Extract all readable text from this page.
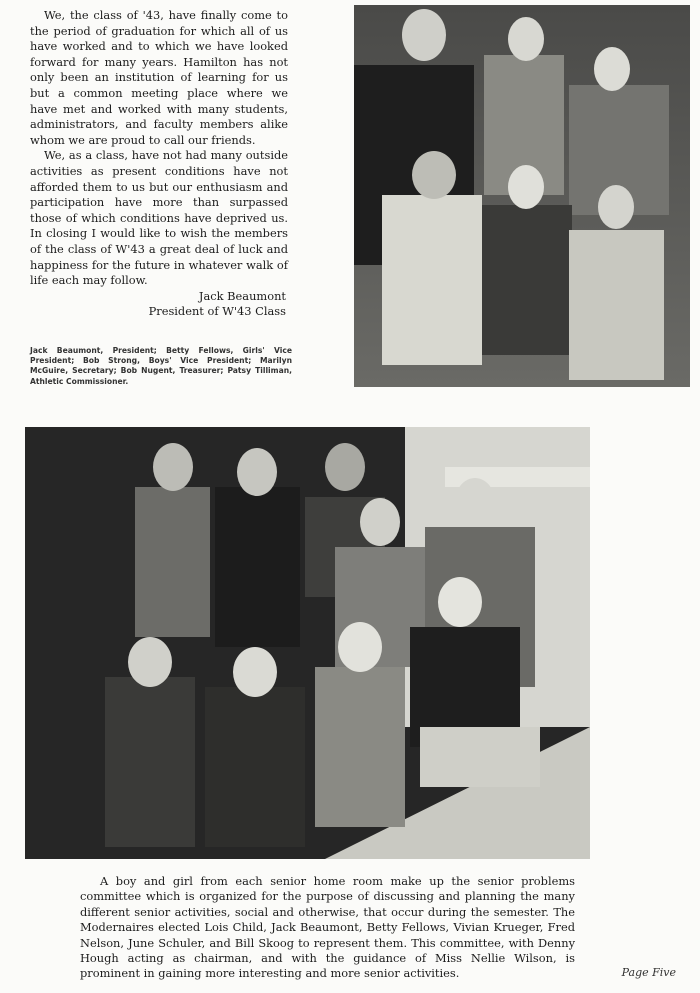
We, the class of '43, have finally come to the period of graduation for which all of us have worked and to which we have looked forward for many years. Hamilton has not only been an institution of learning for us but a common meeting place where we have met and worked with many students, administrators, and faculty members alike whom we are proud to call our friends.

We, as a class, have not had many outside activities as present conditions have not afforded them to us but our enthusiasm and participation have more than surpassed those of which conditions have deprived us. In closing I would like to wish the members of the class of W'43 a great deal of luck and happiness for the future in whatever walk of life each may follow.

Jack Beaumont
President of W'43 Class
Jack Beaumont, President; Betty Fellows, Girls' Vice President; Bob Strong, Boys' Vice President; Marilyn McGuire, Secretary; Bob Nugent, Treasurer; Patsy Tilliman, Athletic Commissioner.
A boy and girl from each senior home room make up the senior problems committee which is organized for the purpose of discussing and planning the many different senior activities, social and otherwise, that occur during the semester. The Modernaires elected Lois Child, Jack Beaumont, Betty Fellows, Vivian Krueger, Fred Nelson, June Schuler, and Bill Skoog to represent them. This committee, with Denny Hough acting as chairman, and with the guidance of Miss Nellie Wilson, is prominent in gaining more interesting and more senior activities.	Page Five
